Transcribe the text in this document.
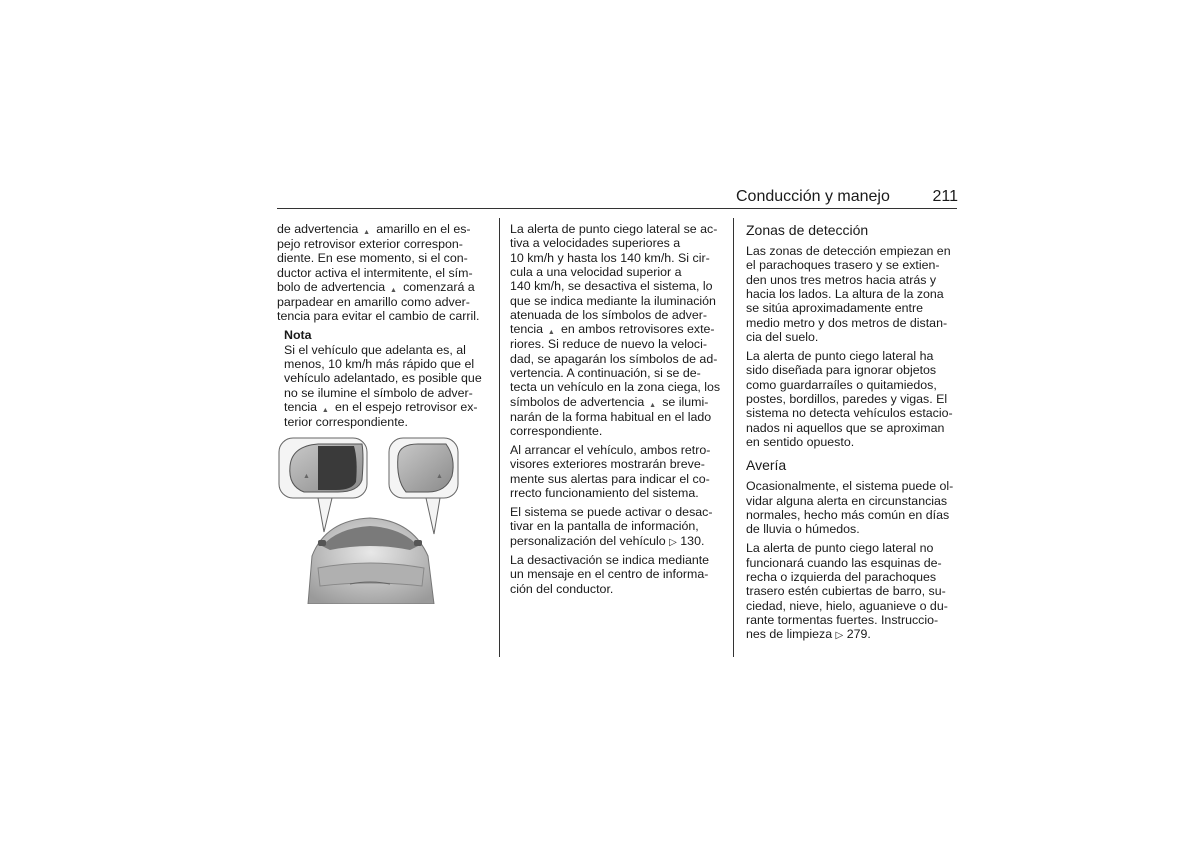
Conducción y manejo	211

de advertencia ▲  amarillo en el es-
pejo retrovisor exterior correspon-
diente. En ese momento, si el con-
ductor activa el intermitente, el sím-
bolo de advertencia ▲  comenzará a
parpadear en amarillo como adver-
tencia para evitar el cambio de carril.

Nota

Si el vehículo que adelanta es, al
menos, 10 km/h más rápido que el
vehículo adelantado, es posible que
no se ilumine el símbolo de adver-
tencia ▲  en el espejo retrovisor ex-
terior correspondiente.

▲	▲

La alerta de punto ciego lateral se ac-
tiva a velocidades superiores a
10 km/h y hasta los 140 km/h. Si cir-
cula a una velocidad superior a
140 km/h, se desactiva el sistema, lo
que se indica mediante la iluminación
atenuada de los símbolos de adver-
tencia ▲  en ambos retrovisores exte-
riores. Si reduce de nuevo la veloci-
dad, se apagarán los símbolos de ad-
vertencia. A continuación, si se de-
tecta un vehículo en la zona ciega, los
símbolos de advertencia ▲  se ilumi-
narán de la forma habitual en el lado
correspondiente.

Al arrancar el vehículo, ambos retro-
visores exteriores mostrarán breve-
mente sus alertas para indicar el co-
rrecto funcionamiento del sistema.

El sistema se puede activar o desac-
tivar en la pantalla de información,
personalización del vehículo ▷ 130.

La desactivación se indica mediante
un mensaje en el centro de informa-
ción del conductor.

Zonas de detección

Las zonas de detección empiezan en
el parachoques trasero y se extien-
den unos tres metros hacia atrás y
hacia los lados. La altura de la zona
se sitúa aproximadamente entre
medio metro y dos metros de distan-
cia del suelo.

La alerta de punto ciego lateral ha
sido diseñada para ignorar objetos
como guardarraíles o quitamiedos,
postes, bordillos, paredes y vigas. El
sistema no detecta vehículos estacio-
nados ni aquellos que se aproximan
en sentido opuesto.

Avería

Ocasionalmente, el sistema puede ol-
vidar alguna alerta en circunstancias
normales, hecho más común en días
de lluvia o húmedos.

La alerta de punto ciego lateral no
funcionará cuando las esquinas de-
recha o izquierda del parachoques
trasero estén cubiertas de barro, su-
ciedad, nieve, hielo, aguanieve o du-
rante tormentas fuertes. Instruccio-
nes de limpieza ▷ 279.
